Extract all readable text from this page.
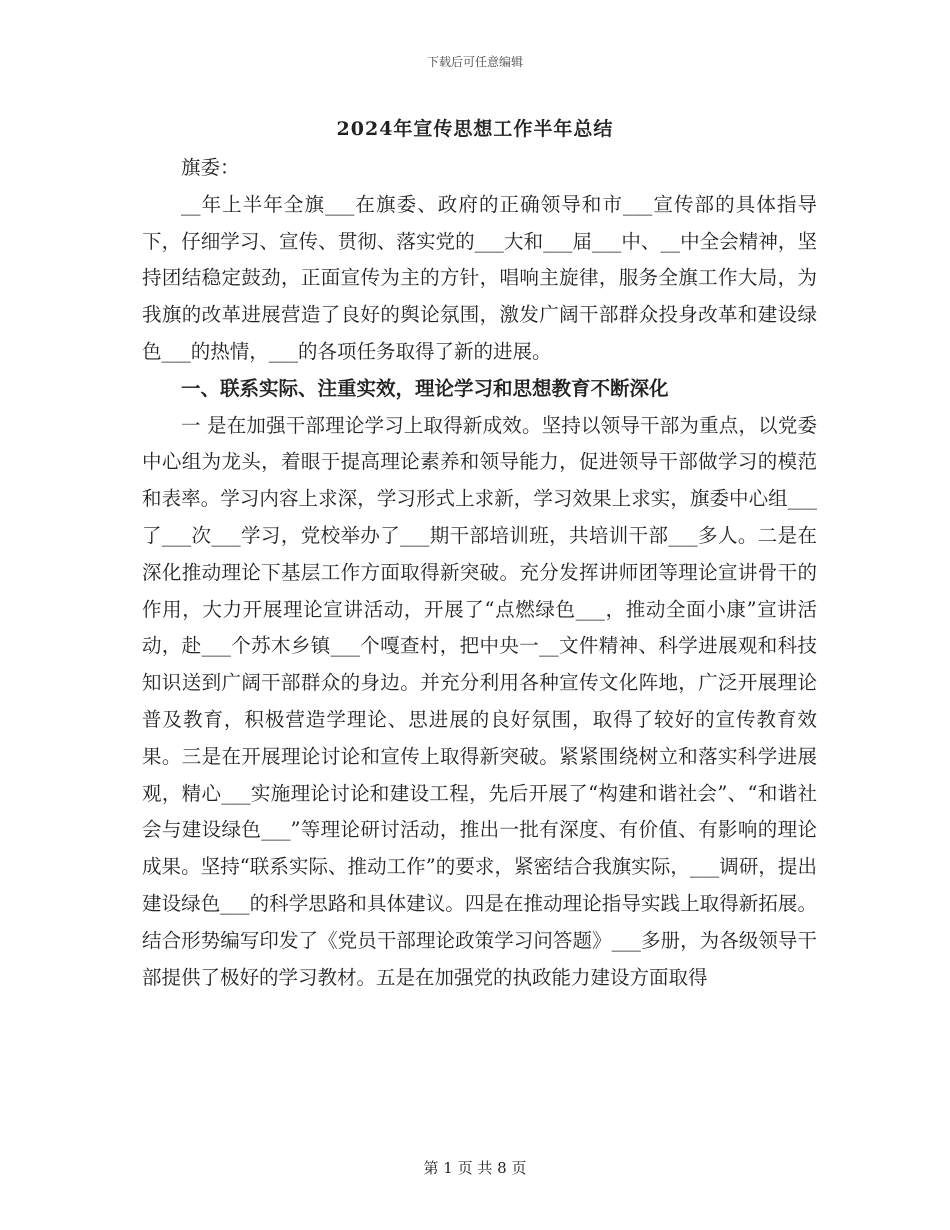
下载后可任意编辑
2024年宣传思想工作半年总结

旗委：

__年上半年全旗___在旗委、政府的正确领导和市___宣传部的具体指导下，仔细学习、宣传、贯彻、落实党的___大和___届___中、__中全会精神，坚持团结稳定鼓劲，正面宣传为主的方针，唱响主旋律，服务全旗工作大局，为我旗的改革进展营造了良好的舆论氛围，激发广阔干部群众投身改革和建设绿色___的热情，___的各项任务取得了新的进展。

一、联系实际、注重实效，理论学习和思想教育不断深化

一 是在加强干部理论学习上取得新成效。坚持以领导干部为重点，以党委中心组为龙头，着眼于提高理论素养和领导能力，促进领导干部做学习的模范和表率。学习内容上求深，学习形式上求新，学习效果上求实，旗委中心组___了___次___学习，党校举办了___期干部培训班，共培训干部___多人。二是在深化推动理论下基层工作方面取得新突破。充分发挥讲师团等理论宣讲骨干的作用，大力开展理论宣讲活动，开展了“点燃绿色___，推动全面小康”宣讲活动，赴___个苏木乡镇___个嘎查村，把中央一__文件精神、科学进展观和科技知识送到广阔干部群众的身边。并充分利用各种宣传文化阵地，广泛开展理论普及教育，积极营造学理论、思进展的良好氛围，取得了较好的宣传教育效果。三是在开展理论讨论和宣传上取得新突破。紧紧围绕树立和落实科学进展观，精心___实施理论讨论和建设工程，先后开展了“构建和谐社会”、“和谐社会与建设绿色___”等理论研讨活动，推出一批有深度、有价值、有影响的理论成果。坚持“联系实际、推动工作”的要求，紧密结合我旗实际，___调研，提出建设绿色___的科学思路和具体建议。四是在推动理论指导实践上取得新拓展。结合形势编写印发了《党员干部理论政策学习问答题》___多册，为各级领导干部提供了极好的学习教材。五是在加强党的执政能力建设方面取得

第 1 页 共 8 页
